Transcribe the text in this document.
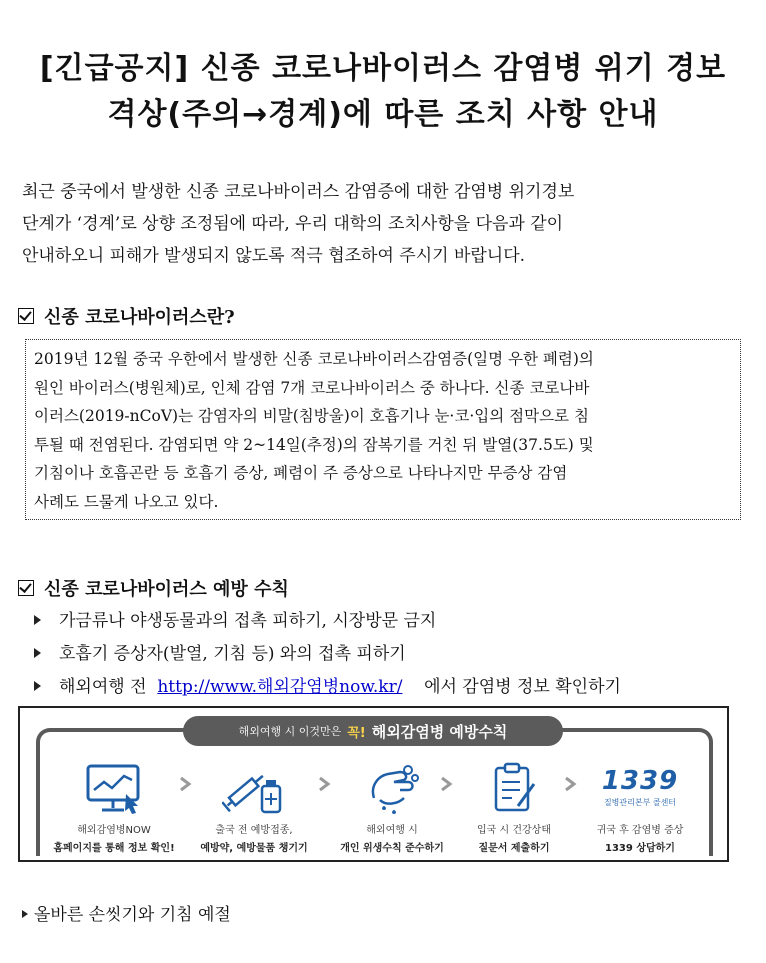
[긴급공지] 신종 코로나바이러스 감염병 위기 경보
격상(주의→경계)에 따른 조치 사항 안내
최근 중국에서 발생한 신종 코로나바이러스 감염증에 대한 감염병 위기경보
단계가 ‘경계’로 상향 조정됨에 따라, 우리 대학의 조치사항을 다음과 같이
안내하오니 피해가 발생되지 않도록 적극 협조하여 주시기 바랍니다.
신종 코로나바이러스란?
2019년 12월 중국 우한에서 발생한 신종 코로나바이러스감염증(일명 우한 폐렴)의
원인 바이러스(병원체)로, 인체 감염 7개 코로나바이러스 중 하나다. 신종 코로나바
이러스(2019-nCoV)는 감염자의 비말(침방울)이 호흡기나 눈·코·입의 점막으로 침
투될 때 전염된다. 감염되면 약 2~14일(추정)의 잠복기를 거친 뒤 발열(37.5도) 및
기침이나 호흡곤란 등 호흡기 증상, 폐렴이 주 증상으로 나타나지만 무증상 감염
사례도 드물게 나오고 있다.
신종 코로나바이러스 예방 수칙
가금류나 야생동물과의 접촉 피하기, 시장방문 금지
호흡기 증상자(발열, 기침 등) 와의 접촉 피하기
해외여행 전 http://www.해외감염병now.kr/ 에서 감염병 정보 확인하기
해외여행 시 이것만은 꼭! 해외감염병 예방수칙
해외감염병NOW
홈페이지를 통해 정보 확인!
출국 전 예방접종,
예방약, 예방물품 챙기기
해외여행 시
개인 위생수칙 준수하기
입국 시 건강상태
질문서 제출하기
1339
질병관리본부 콜센터
귀국 후 감염병 증상
1339 상담하기
올바른 손씻기와 기침 예절
